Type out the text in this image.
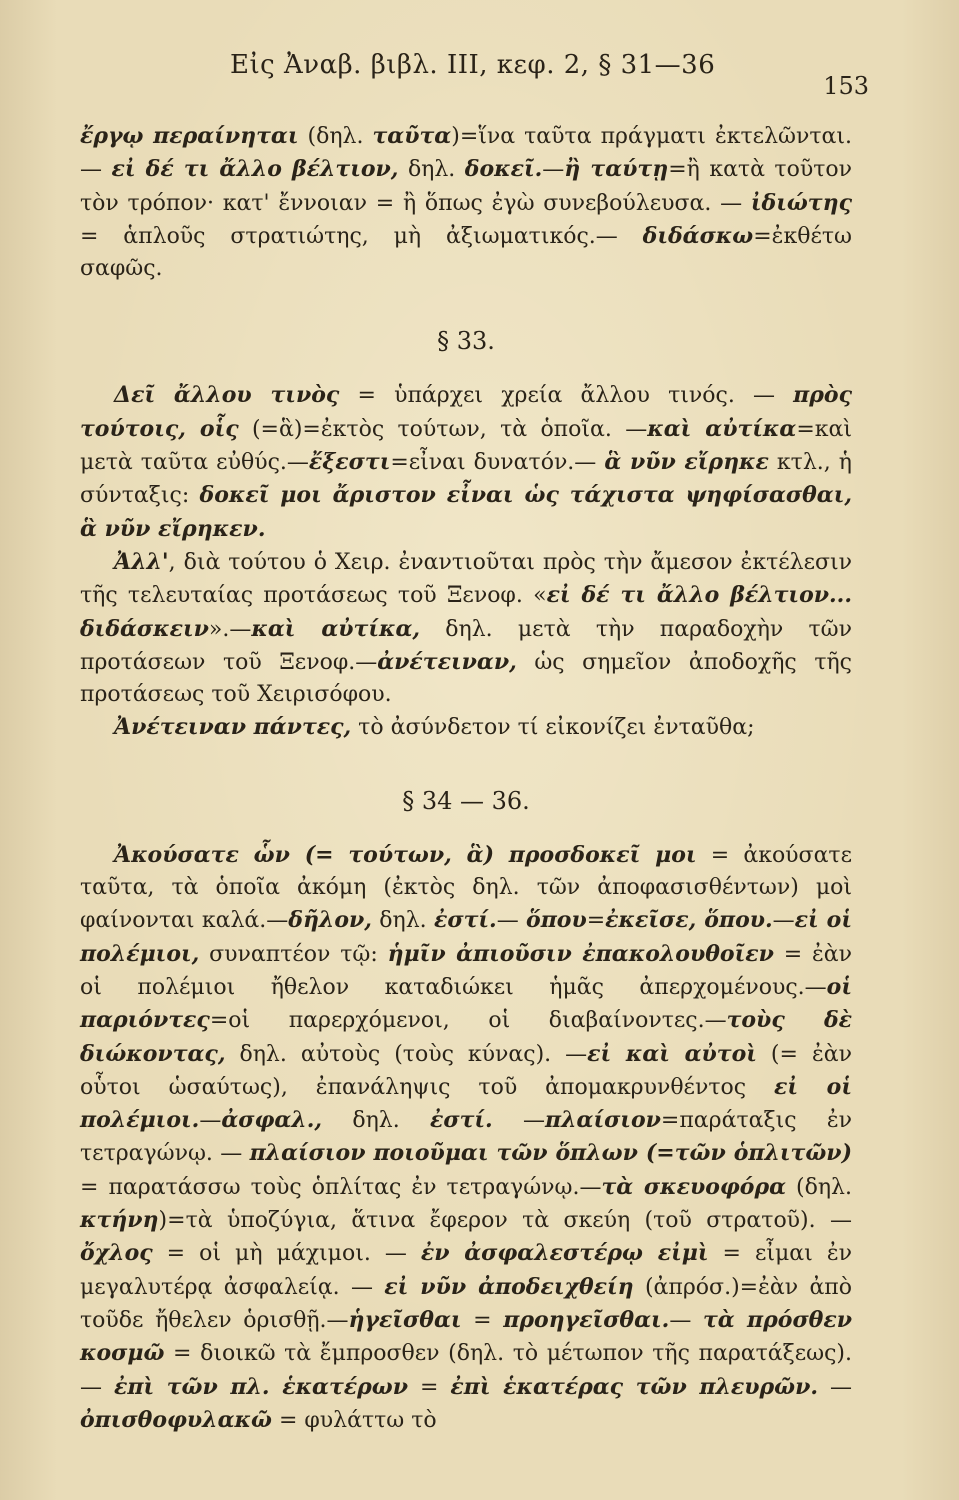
Εἰς Ἀναβ. βιβλ. III, κεφ. 2, § 31—36
153

ἔργῳ περαίνηται (δηλ. ταῦτα)=ἵνα ταῦτα πράγματι ἐκτελῶνται.— εἰ δέ τι ἄλλο βέλτιον, δηλ. δοκεῖ.—ἢ ταύτῃ=ἢ κατὰ τοῦτον τὸν τρόπον· κατ' ἔννοιαν = ἢ ὅπως ἐγὼ συνεβούλευσα. — ἰδιώτης = ἁπλοῦς στρατιώτης, μὴ ἀξιωματικός.— διδάσκω=ἐκθέτω σαφῶς.

§ 33.

Δεῖ ἄλλου τινὸς = ὑπάρχει χρεία ἄλλου τινός. — πρὸς τούτοις, οἷς (=ἃ)=ἐκτὸς τούτων, τὰ ὁποῖα. —καὶ αὐτίκα=καὶ μετὰ ταῦτα εὐθύς.—ἔξεστι=εἶναι δυνατόν.— ἃ νῦν εἴρηκε κτλ., ἡ σύνταξις: δοκεῖ μοι ἄριστον εἶναι ὡς τάχιστα ψηφίσασθαι, ἃ νῦν εἴρηκεν.

Ἀλλ', διὰ τούτου ὁ Χειρ. ἐναντιοῦται πρὸς τὴν ἄμεσον ἐκτέλεσιν τῆς τελευταίας προτάσεως τοῦ Ξενοφ. «εἰ δέ τι ἄλλο βέλτιον... διδάσκειν».—καὶ αὐτίκα, δηλ. μετὰ τὴν παραδοχὴν τῶν προτάσεων τοῦ Ξενοφ.—ἀνέτειναν, ὡς σημεῖον ἀποδοχῆς τῆς προτάσεως τοῦ Χειρισόφου.

Ἀνέτειναν πάντες, τὸ ἀσύνδετον τί εἰκονίζει ἐνταῦθα;

§ 34 — 36.

Ἀκούσατε ὧν (= τούτων, ἃ) προσδοκεῖ μοι = ἀκούσατε ταῦτα, τὰ ὁποῖα ἀκόμη (ἐκτὸς δηλ. τῶν ἀποφασισθέντων) μοὶ φαίνονται καλά.—δῆλον, δηλ. ἐστί.— ὅπου=ἐκεῖσε, ὅπου.—εἰ οἱ πολέμιοι, συναπτέον τῷ: ἡμῖν ἀπιοῦσιν ἐπακολουθοῖεν = ἐὰν οἱ πολέμιοι ἤθελον καταδιώκει ἡμᾶς ἀπερχομένους.—οἱ παριόντες=οἱ παρερχόμενοι, οἱ διαβαίνοντες.—τοὺς δὲ διώκοντας, δηλ. αὐτοὺς (τοὺς κύνας). —εἰ καὶ αὐτοὶ (= ἐὰν οὗτοι ὡσαύτως), ἐπανάληψις τοῦ ἀπομακρυνθέντος εἰ οἱ πολέμιοι.—ἀσφαλ., δηλ. ἐστί. —πλαίσιον=παράταξις ἐν τετραγώνῳ. — πλαίσιον ποιοῦμαι τῶν ὅπλων (=τῶν ὁπλιτῶν) = παρατάσσω τοὺς ὁπλίτας ἐν τετραγώνῳ.—τὰ σκευοφόρα (δηλ. κτήνη)=τὰ ὑποζύγια, ἅτινα ἔφερον τὰ σκεύη (τοῦ στρατοῦ). — ὄχλος = οἱ μὴ μάχιμοι. — ἐν ἀσφαλεστέρῳ εἰμὶ = εἶμαι ἐν μεγαλυτέρᾳ ἀσφαλείᾳ. — εἰ νῦν ἀποδειχθείη (ἀπρόσ.)=ἐὰν ἀπὸ τοῦδε ἤθελεν ὁρισθῇ.—ἡγεῖσθαι = προηγεῖσθαι.— τὰ πρόσθεν κοσμῶ = διοικῶ τὰ ἔμπροσθεν (δηλ. τὸ μέτωπον τῆς παρατάξεως). — ἐπὶ τῶν πλ. ἑκατέρων = ἐπὶ ἑκατέρας τῶν πλευρῶν. — ὀπισθοφυλακῶ = φυλάττω τὸ
